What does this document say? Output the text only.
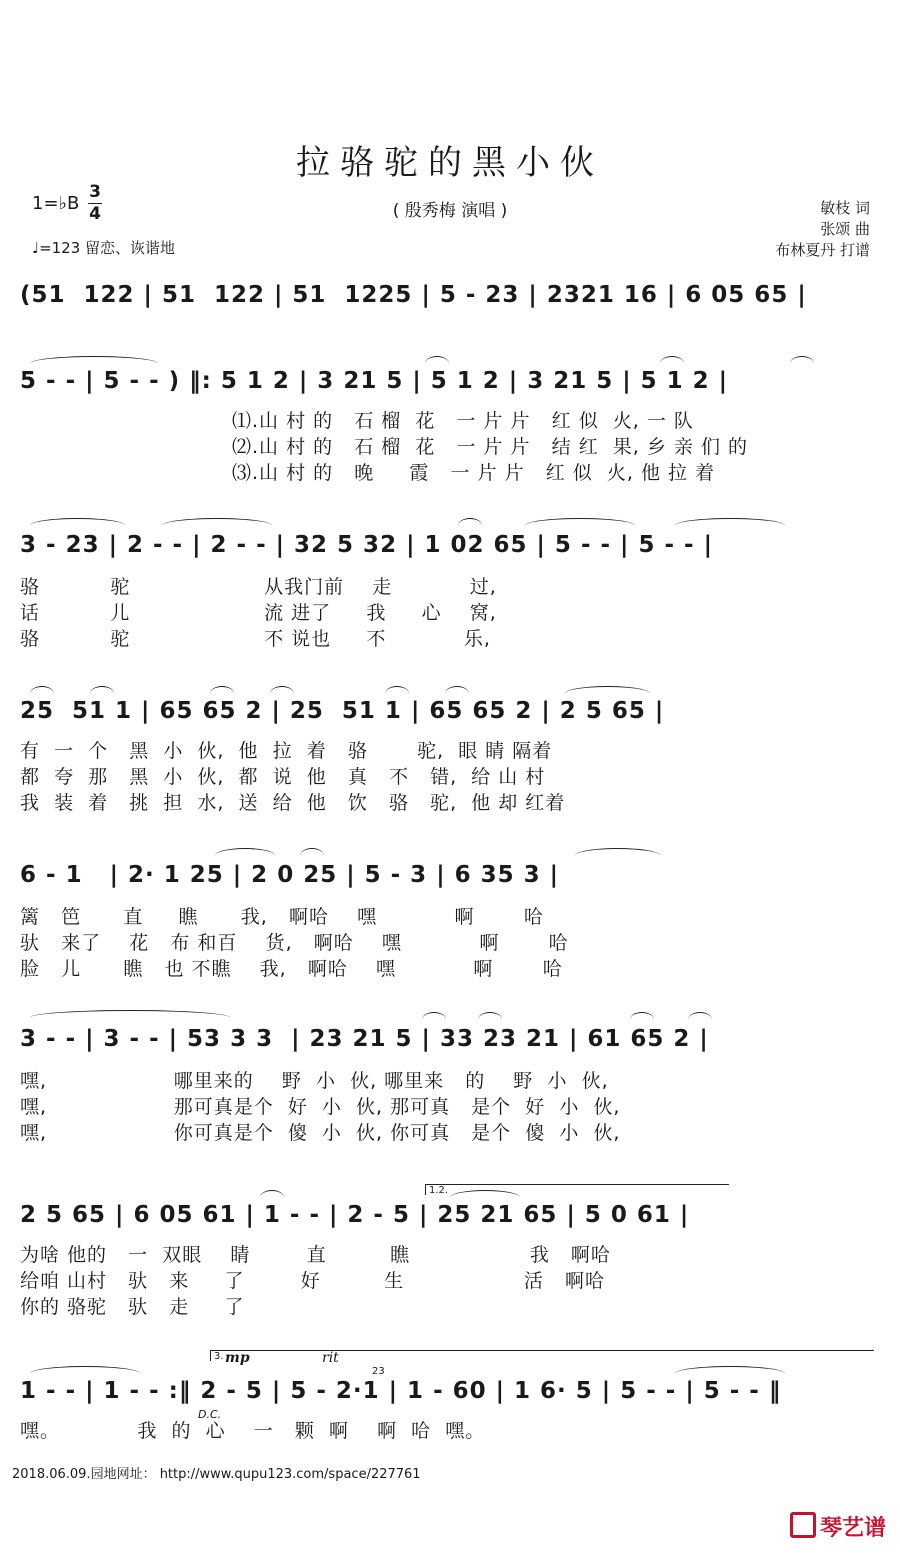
拉骆驼的黑小伙
( 殷秀梅 演唱 )
1=♭B
3
4
♩=123 留恋、诙谐地
敏枝 词
张颂 曲
布林夏丹 打谱
(51  122 | 51  122 | 51  1225 | 5 - 23 | 2321 16 | 6 05 65 |
5 - - | 5 - - ) ‖: 5 1 2 | 3 21 5 | 5 1 2 | 3 21 5 | 5 1 2 |
⑴.山 村 的   石 榴  花   一 片 片   红 似  火, 一 队
⑵.山 村 的   石 榴  花   一 片 片   结 红  果, 乡 亲 们 的
⑶.山 村 的   晚     霞   一 片 片   红 似  火, 他 拉 着
3 - 23 | 2 - - | 2 - - | 32 5 32 | 1 02 65 | 5 - - | 5 - - |
骆          驼                   从我门前    走           过,
话          儿                   流 进了     我     心    窝,
骆          驼                   不 说也     不           乐,
25  51 1 | 65 65 2 | 25  51 1 | 65 65 2 | 2 5 65 |
有  一  个   黑  小  伙,  他  拉  着   骆       驼,  眼 睛 隔着
都  夸  那   黑  小  伙,  都  说  他   真   不   错,  给 山 村
我  装  着   挑  担  水,  送  给  他   饮   骆   驼,  他 却 红着
6 - 1   | 2· 1 25 | 2 0 25 | 5 - 3 | 6 35 3 |
篱   笆      直     瞧      我,   啊哈    嘿           啊       哈
驮   来了    花   布 和百    货,   啊哈    嘿           啊       哈
脸   儿      瞧   也 不瞧    我,   啊哈    嘿           啊       哈
3 - - | 3 - - | 53 3 3  | 23 21 5 | 33 23 21 | 61 65 2 |
嘿,                  哪里来的    野  小  伙, 哪里来   的    野  小  伙,
嘿,                  那可真是个  好  小  伙, 那可真   是个  好  小  伙,
嘿,                  你可真是个  傻  小  伙, 你可真   是个  傻  小  伙,
1.2.
2 5 65 | 6 05 61 | 1 - - | 2 - 5 | 25 21 65 | 5 0 61 |
为啥 他的   一  双眼    睛        直         瞧                 我   啊哈
给咱 山村   驮   来     了        好         生                 活   啊哈
你的 骆驼   驮   走     了
3. mp	rit
23
1 - - | 1 - - :‖ 2 - 5 | 5 - 2·1 | 1 - 60 | 1 6· 5 | 5 - - | 5 - - ‖
D.C.
嘿。           我  的  心    一   颗  啊    啊  哈  嘿。
2018.06.09.园地网址： http://www.qupu123.com/space/227761
琴艺谱
